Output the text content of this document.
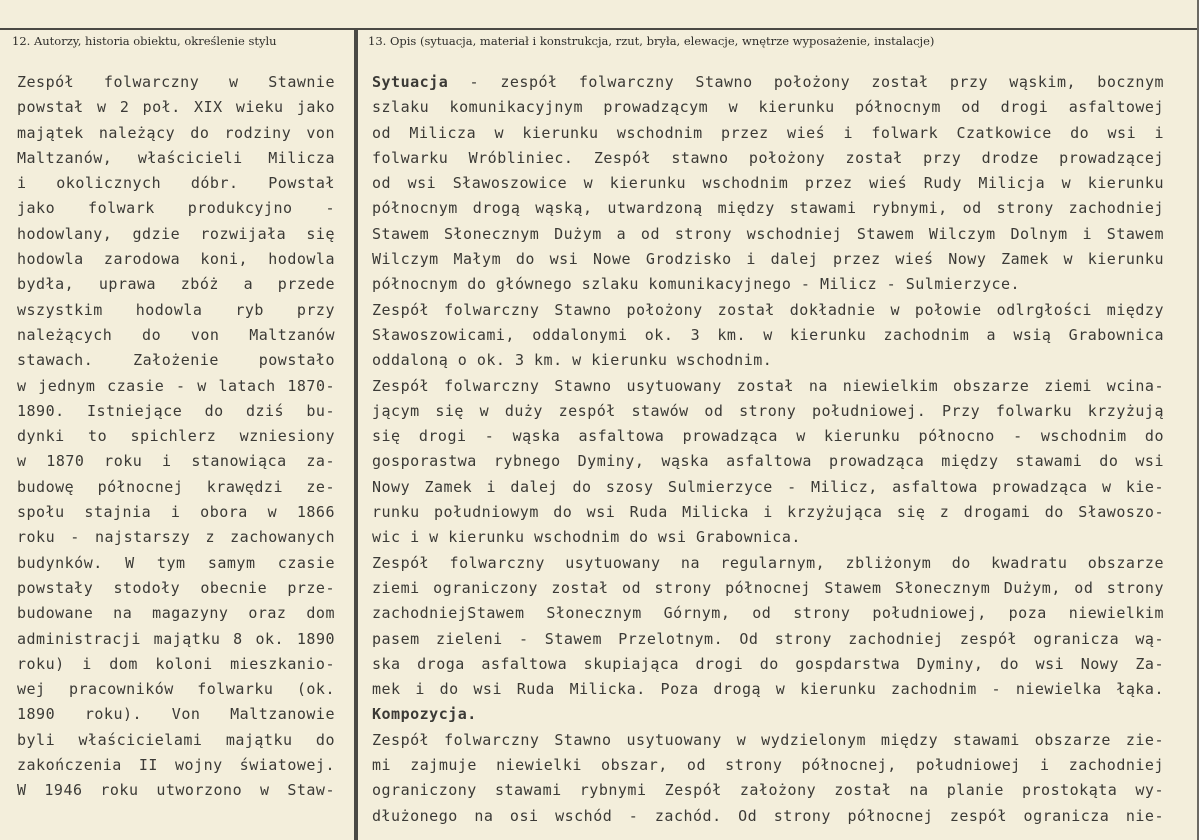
12. Autorzy, historia obiektu, określenie stylu	13. Opis (sytuacja, materiał i konstrukcja, rzut, bryła, elewacje, wnętrze wyposażenie, instalacje)
Zespół folwarczny w Stawnie
powstał w 2 poł. XIX wieku jako
majątek należący do rodziny von
Maltzanów, właścicieli Milicza
i okolicznych dóbr. Powstał
jako folwark produkcyjno -
hodowlany, gdzie rozwijała się
hodowla zarodowa koni, hodowla
bydła, uprawa zbóż a przede
wszystkim hodowla ryb przy
należących do von Maltzanów
stawach. Założenie powstało
w jednym czasie - w latach 1870-
1890. Istniejące do dziś bu-
dynki to spichlerz wzniesiony
w 1870 roku i stanowiąca za-
budowę północnej krawędzi ze-
społu stajnia i obora w 1866
roku - najstarszy z zachowanych
budynków. W tym samym czasie
powstały stodoły obecnie prze-
budowane na magazyny oraz dom
administracji majątku 8 ok. 1890
roku) i dom koloni mieszkanio-
wej pracowników folwarku (ok.
1890 roku). Von Maltzanowie
byli właścicielami majątku do
zakończenia II wojny światowej.
W 1946 roku utworzono w Staw-
Sytuacja - zespół folwarczny Stawno położony został przy wąskim, bocznym
szlaku komunikacyjnym prowadzącym w kierunku północnym od drogi asfaltowej
od Milicza w kierunku wschodnim przez wieś i folwark Czatkowice do wsi i
folwarku Wróbliniec. Zespół stawno położony został przy drodze prowadzącej
od wsi Sławoszowice w kierunku wschodnim przez wieś Rudy Milicja w kierunku
północnym drogą wąską, utwardzoną między stawami rybnymi, od strony zachodniej
Stawem Słonecznym Dużym a od strony wschodniej Stawem Wilczym Dolnym i Stawem
Wilczym Małym do wsi Nowe Grodzisko i dalej przez wieś Nowy Zamek w kierunku
północnym do głównego szlaku komunikacyjnego - Milicz - Sulmierzyce.
Zespół folwarczny Stawno położony został dokładnie w połowie odlrgłości między
Sławoszowicami, oddalonymi ok. 3 km. w kierunku zachodnim a wsią Grabownica
oddaloną o ok. 3 km. w kierunku wschodnim.
Zespół folwarczny Stawno usytuowany został na niewielkim obszarze ziemi wcina-
jącym się w duży zespół stawów od strony południowej. Przy folwarku krzyżują
się drogi - wąska asfaltowa prowadząca w kierunku północno - wschodnim do
gosporastwa rybnego Dyminy, wąska asfaltowa prowadząca między stawami do wsi
Nowy Zamek i dalej do szosy Sulmierzyce - Milicz, asfaltowa prowadząca w kie-
runku południowym do wsi Ruda Milicka i krzyżująca się z drogami do Sławoszo-
wic i w kierunku wschodnim do wsi Grabownica.
Zespół folwarczny usytuowany na regularnym, zbliżonym do kwadratu obszarze
ziemi ograniczony został od strony północnej Stawem Słonecznym Dużym, od strony
zachodniejStawem Słonecznym Górnym, od strony południowej, poza niewielkim
pasem zieleni - Stawem Przelotnym. Od strony zachodniej zespół ogranicza wą-
ska droga asfaltowa skupiająca drogi do gospdarstwa Dyminy, do wsi Nowy Za-
mek i do wsi Ruda Milicka. Poza drogą w kierunku zachodnim - niewielka łąka.
Kompozycja.
Zespół folwarczny Stawno usytuowany w wydzielonym między stawami obszarze zie-
mi zajmuje niewielki obszar, od strony północnej, południowej i zachodniej
ograniczony stawami rybnymi Zespół założony został na planie prostokąta wy-
dłużonego na osi wschód - zachód. Od strony północnej zespół ogranicza nie-
